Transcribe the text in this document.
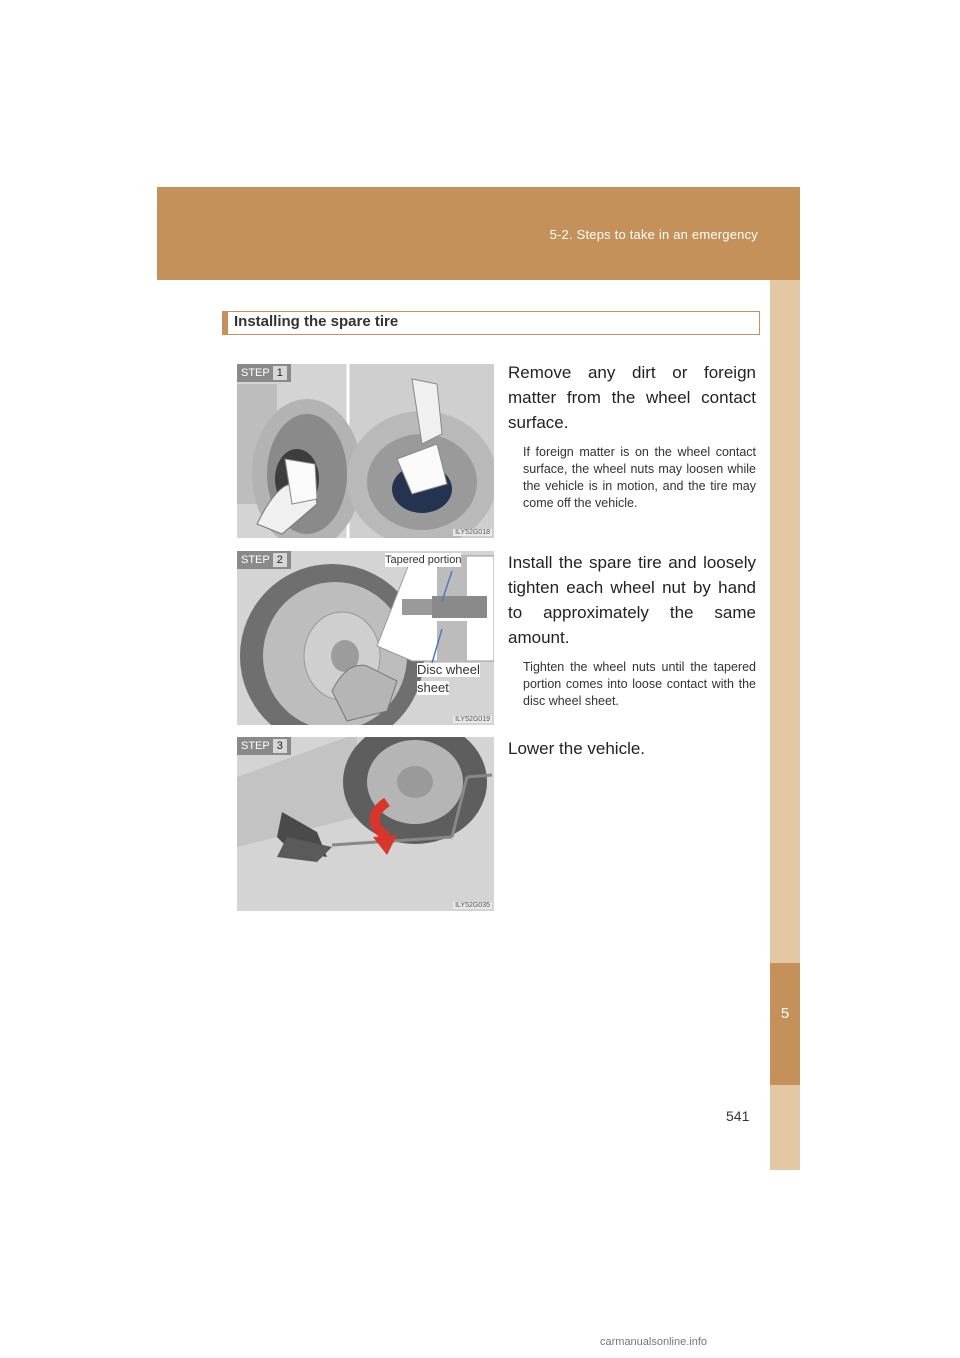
5-2. Steps to take in an emergency
5
When trouble arises
Installing the spare tire
STEP 1
ILY52G018

Remove any dirt or foreign matter from the wheel contact surface.

If foreign matter is on the wheel contact surface, the wheel nuts may loosen while the vehicle is in motion, and the tire may come off the vehicle.

STEP 2	Tapered portion
Disc wheel
sheet
ILY52G019

Install the spare tire and loosely tighten each wheel nut by hand to approximately the same amount.

Tighten the wheel nuts until the tapered portion comes into loose contact with the disc wheel sheet.

STEP 3
ILY52G035

Lower the vehicle.

541
carmanualsonline.info
